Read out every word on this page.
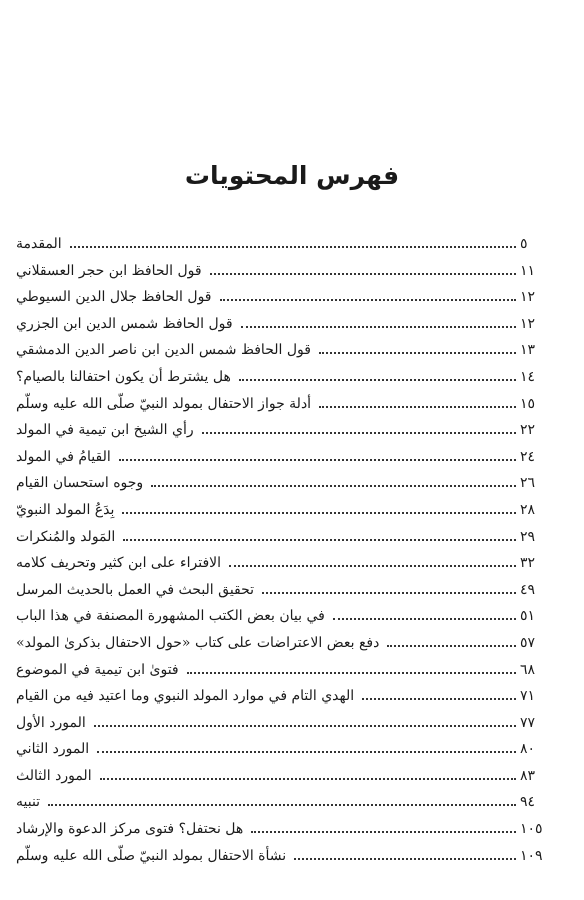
فهرس المحتويات
المقدمة	٥
قول الحافظ ابن حجر العسقلاني	١١
قول الحافظ جلال الدين السيوطي	١٢
قول الحافظ شمس الدين ابن الجزري	١٢
قول الحافظ شمس الدين ابن ناصر الدين الدمشقي	١٣
هل يشترط أن يكون احتفالنا بالصيام؟	١٤
أدلة جواز الاحتفال بمولد النبيّ صلّى الله عليه وسلّم	١٥
رأي الشيخ ابن تيمية في المولد	٢٢
القيامُ في المولد	٢٤
وجوه استحسان القيام	٢٦
بِدَعُ المولد النبويّ	٢٨
المَولد والمُنكرات	٢٩
الافتراء على ابن كثير وتحريف كلامه	٣٢
تحقيق البحث في العمل بالحديث المرسل	٤٩
في بيان بعض الكتب المشهورة المصنفة في هذا الباب	٥١
دفع بعض الاعتراضات على كتاب «حول الاحتفال بذكرىٰ المولد»	٥٧
فتوىٰ ابن تيمية في الموضوع	٦٨
الهدي التام في موارد المولد النبوي وما اعتيد فيه من القيام	٧١
المورد الأول	٧٧
المورد الثاني	٨٠
المورد الثالث	٨٣
تنبيه	٩٤
هل نحتفل؟ فتوى مركز الدعوة والإرشاد	١٠٥
نشأة الاحتفال بمولد النبيّ صلّى الله عليه وسلّم	١٠٩
